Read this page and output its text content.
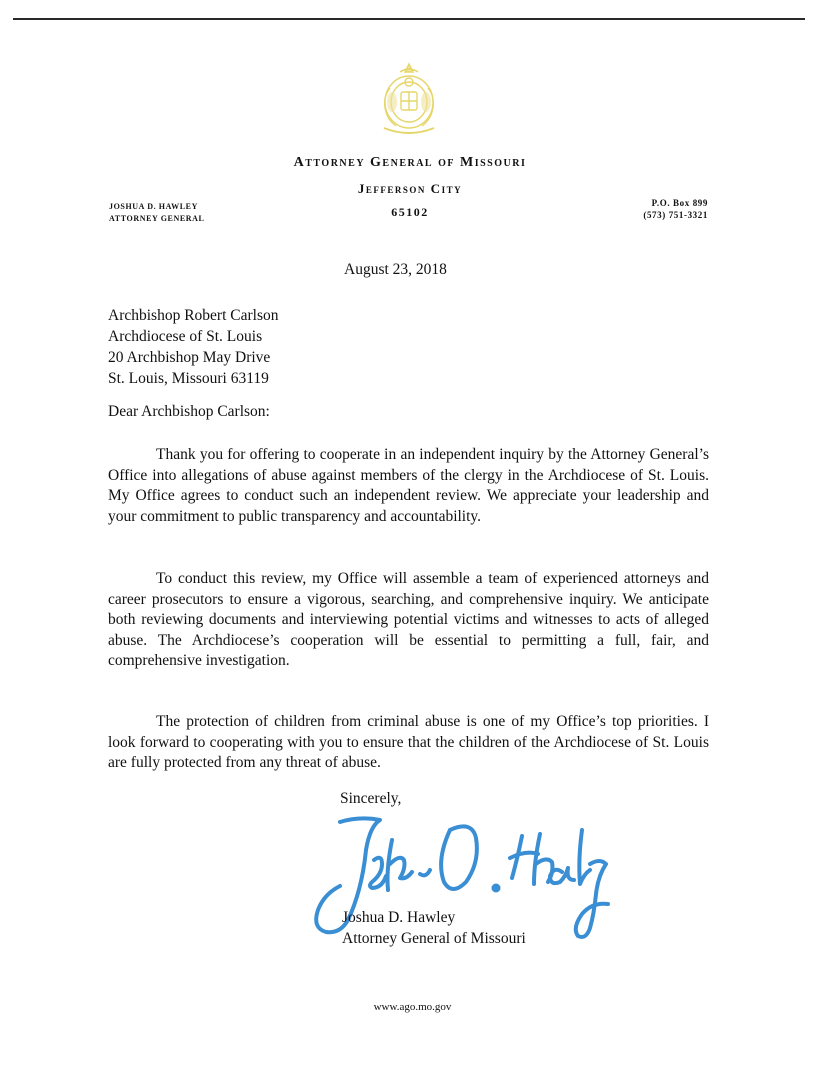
Attorney General of Missouri
Jefferson City
65102
JOSHUA D. HAWLEY
ATTORNEY GENERAL
P.O. Box 899
(573) 751-3321
August 23, 2018
Archbishop Robert Carlson
Archdiocese of St. Louis
20 Archbishop May Drive
St. Louis, Missouri 63119
Dear Archbishop Carlson:
Thank you for offering to cooperate in an independent inquiry by the Attorney General’s Office into allegations of abuse against members of the clergy in the Archdiocese of St. Louis. My Office agrees to conduct such an independent review. We appreciate your leadership and your commitment to public transparency and accountability.
To conduct this review, my Office will assemble a team of experienced attorneys and career prosecutors to ensure a vigorous, searching, and comprehensive inquiry. We anticipate both reviewing documents and interviewing potential victims and witnesses to acts of alleged abuse. The Archdiocese’s cooperation will be essential to permitting a full, fair, and comprehensive investigation.
The protection of children from criminal abuse is one of my Office’s top priorities. I look forward to cooperating with you to ensure that the children of the Archdiocese of St. Louis are fully protected from any threat of abuse.
Sincerely,
Joshua D. Hawley
Attorney General of Missouri
www.ago.mo.gov
